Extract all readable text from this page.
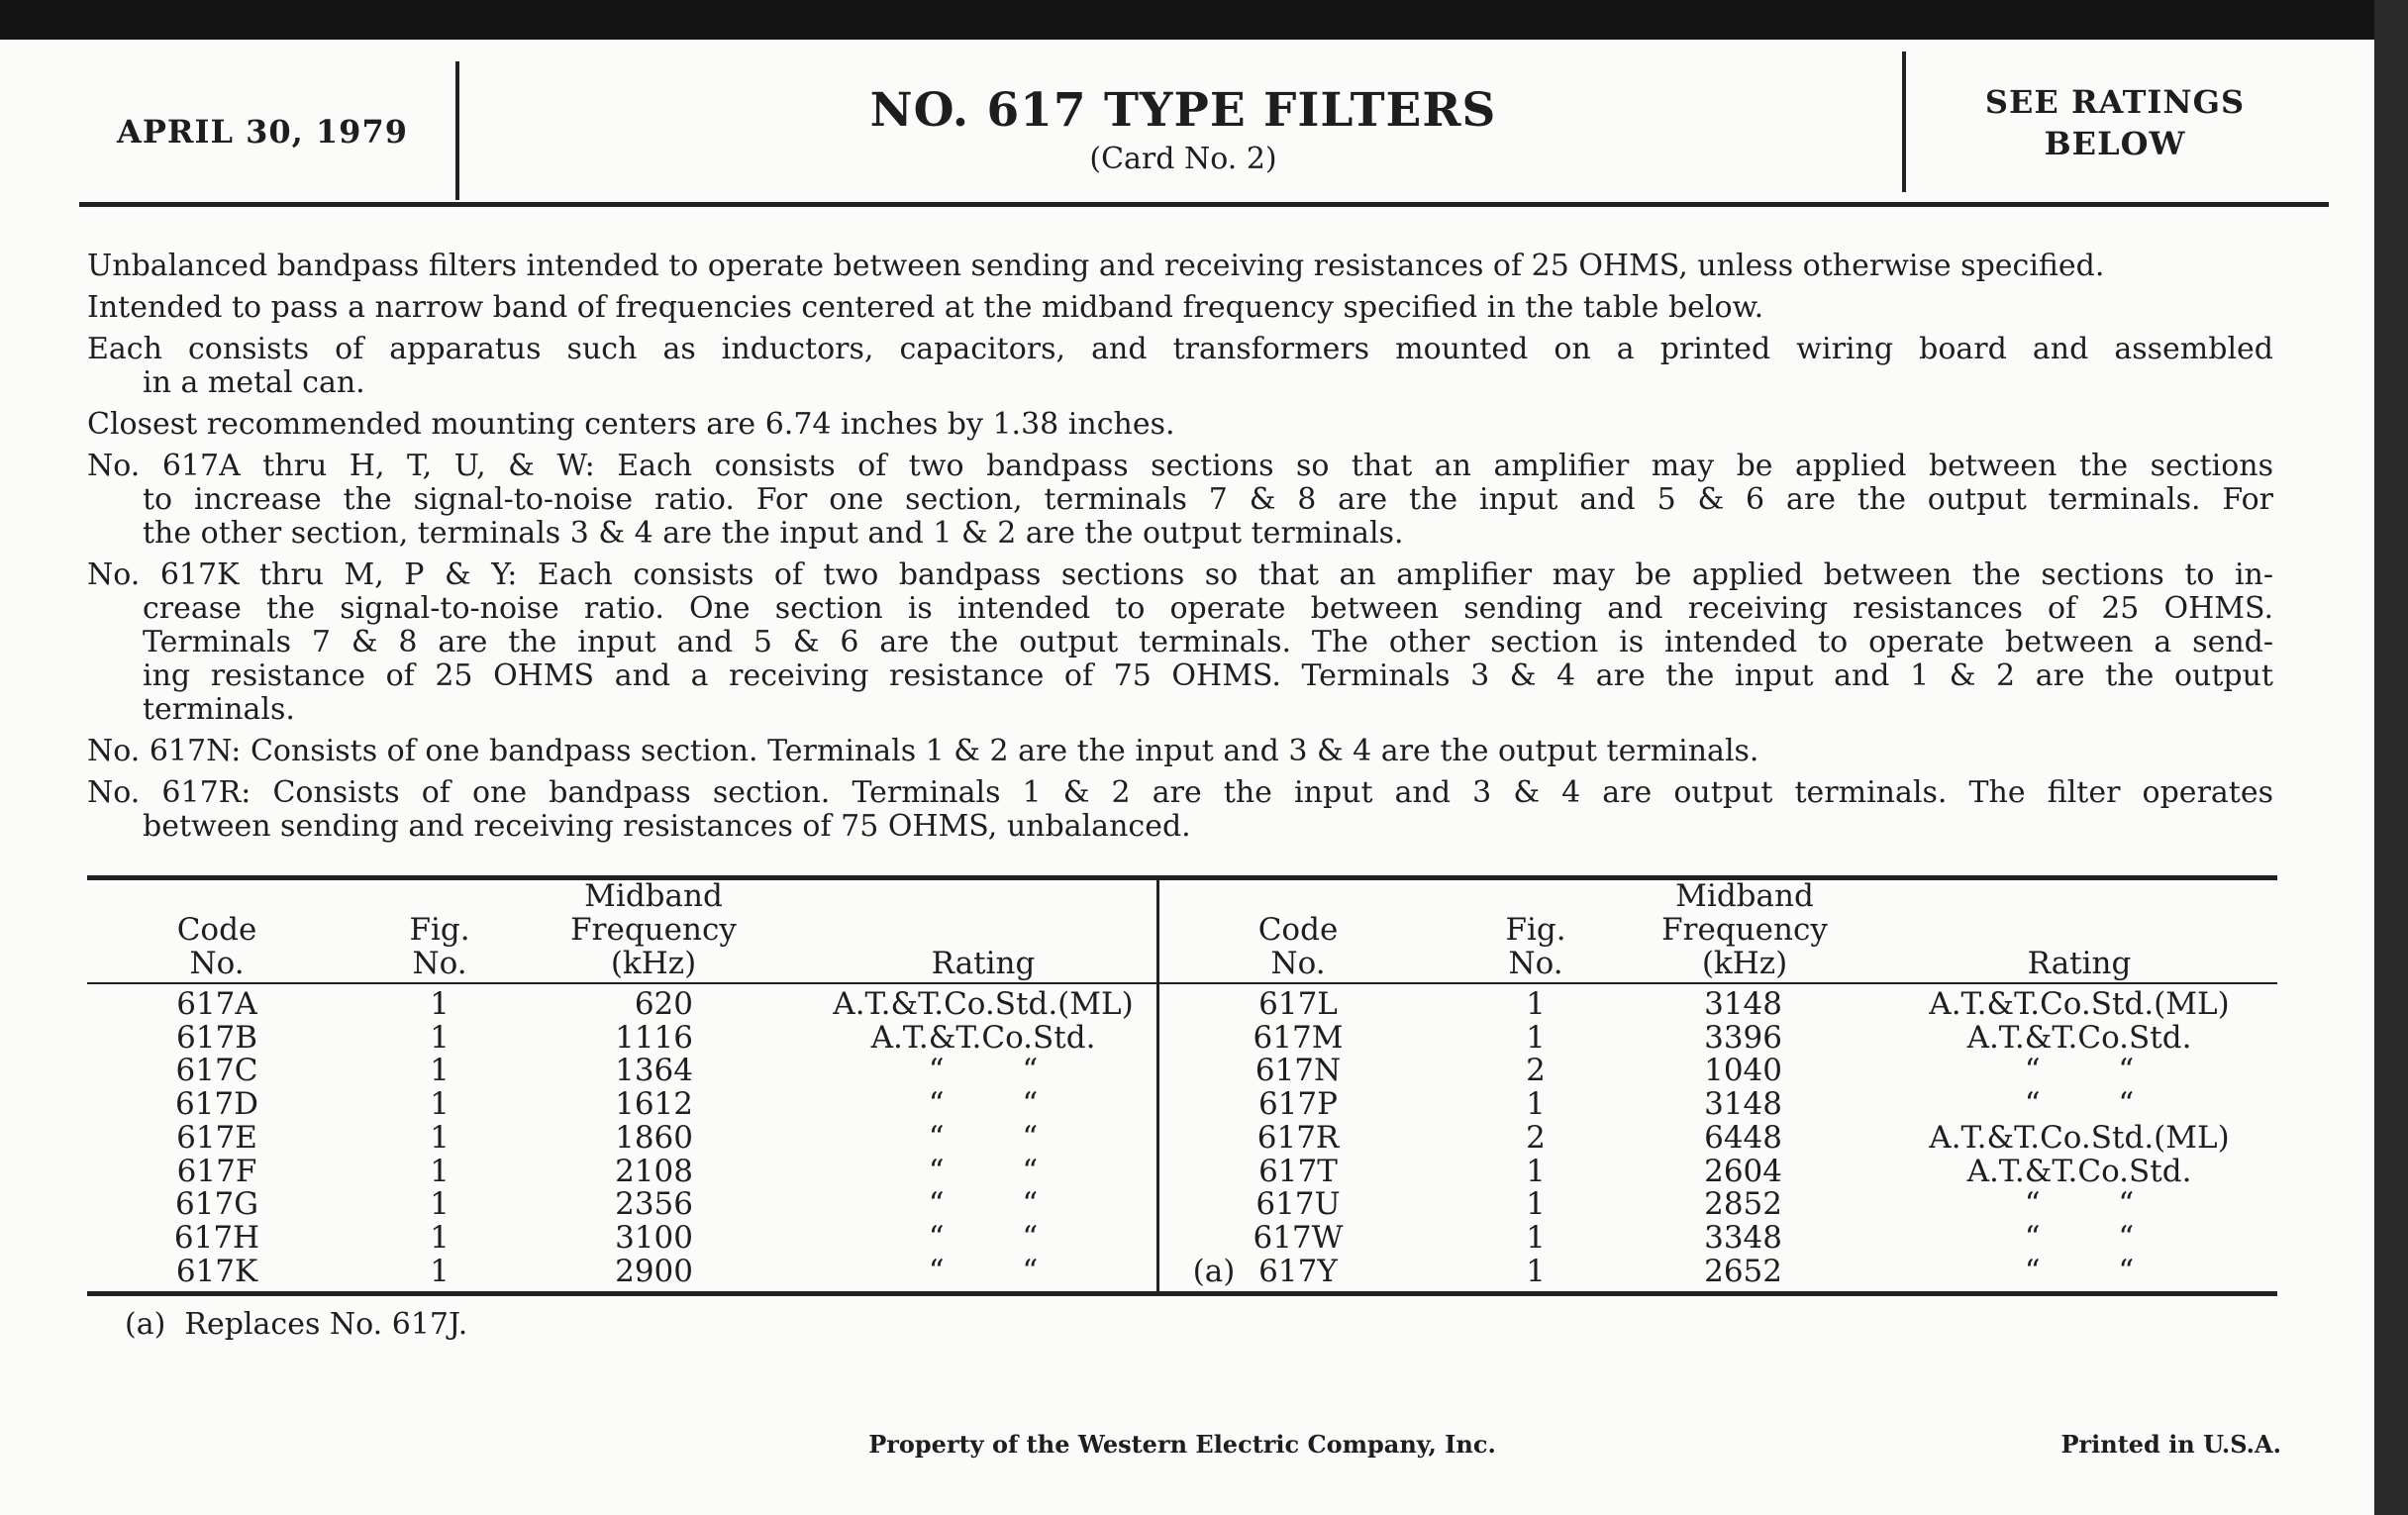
APRIL 30, 1979	NO. 617 TYPE FILTERS
(Card No. 2)
SEE RATINGS
BELOW
Unbalanced bandpass filters intended to operate between sending and receiving resistances of 25 OHMS, unless otherwise specified.
Intended to pass a narrow band of frequencies centered at the midband frequency specified in the table below.
Each consists of apparatus such as inductors, capacitors, and transformers mounted on a printed wiring board and assembled
in a metal can.
Closest recommended mounting centers are 6.74 inches by 1.38 inches.
No. 617A thru H, T, U, & W: Each consists of two bandpass sections so that an amplifier may be applied between the sections
to increase the signal-to-noise ratio. For one section, terminals 7 & 8 are the input and 5 & 6 are the output terminals. For
the other section, terminals 3 & 4 are the input and 1 & 2 are the output terminals.
No. 617K thru M, P & Y: Each consists of two bandpass sections so that an amplifier may be applied between the sections to in-
crease the signal-to-noise ratio. One section is intended to operate between sending and receiving resistances of 25 OHMS.
Terminals 7 & 8 are the input and 5 & 6 are the output terminals. The other section is intended to operate between a send-
ing resistance of 25 OHMS and a receiving resistance of 75 OHMS. Terminals 3 & 4 are the input and 1 & 2 are the output
terminals.
No. 617N: Consists of one bandpass section. Terminals 1 & 2 are the input and 3 & 4 are the output terminals.
No. 617R: Consists of one bandpass section. Terminals 1 & 2 are the input and 3 & 4 are output terminals. The filter operates
between sending and receiving resistances of 75 OHMS, unbalanced.
Code
No.
Fig.
No.
Midband
Frequency
(kHz)	Rating
617A	1	620	A.T.&T.Co.Std.(ML)
617B	1	1116	A.T.&T.Co.Std.
617C	1	1364	“        “
617D	1	1612	“        “
617E	1	1860	“        “
617F	1	2108	“        “
617G	1	2356	“        “
617H	1	3100	“        “
617K	1	2900	“        “
Code
No.
Fig.
No.
Midband
Frequency
(kHz)	Rating
617L	1	3148	A.T.&T.Co.Std.(ML)
617M	1	3396	A.T.&T.Co.Std.
617N	2	1040	“        “
617P	1	3148	“        “
617R	2	6448	A.T.&T.Co.Std.(ML)
617T	1	2604	A.T.&T.Co.Std.
617U	1	2852	“        “
617W	1	3348	“        “
(a) 617Y	1	2652	“        “
(a)  Replaces No. 617J.
Property of the Western Electric Company, Inc.	Printed in U.S.A.
